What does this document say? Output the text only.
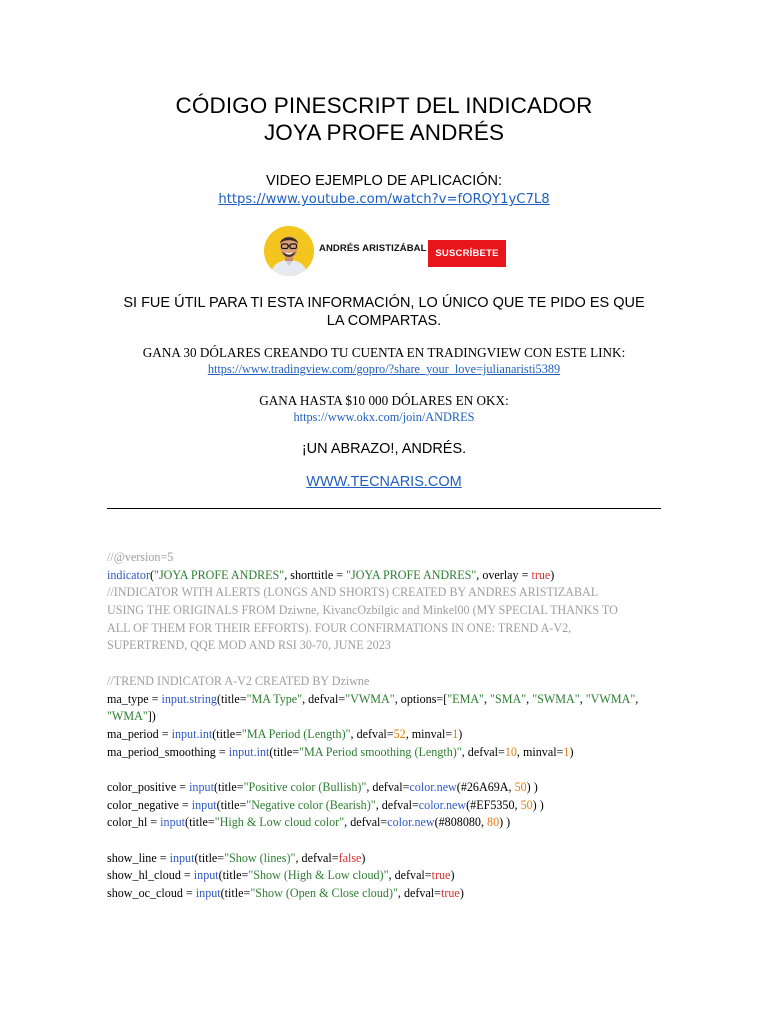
CÓDIGO PINESCRIPT DEL INDICADOR
JOYA PROFE ANDRÉS
VIDEO EJEMPLO DE APLICACIÓN:
https://www.youtube.com/watch?v=fORQY1yC7L8
ANDRÉS ARISTIZÁBAL SUSCRÍBETE
SI FUE ÚTIL PARA TI ESTA INFORMACIÓN, LO ÚNICO QUE TE PIDO ES QUE
LA COMPARTAS.
GANA 30 DÓLARES CREANDO TU CUENTA EN TRADINGVIEW CON ESTE LINK:
https://www.tradingview.com/gopro/?share_your_love=julianaristi5389
GANA HASTA $10 000 DÓLARES EN OKX:
https://www.okx.com/join/ANDRES
¡UN ABRAZO!, ANDRÉS.
WWW.TECNARIS.COM
//@version=5
indicator("JOYA PROFE ANDRES", shorttitle = "JOYA PROFE ANDRES", overlay = true)
//INDICATOR WITH ALERTS (LONGS AND SHORTS) CREATED BY ANDRES ARISTIZABAL
USING THE ORIGINALS FROM Dziwne, KivancOzbilgic and Minkel00 (MY SPECIAL THANKS TO
ALL OF THEM FOR THEIR EFFORTS). FOUR CONFIRMATIONS IN ONE: TREND A-V2,
SUPERTREND, QQE MOD AND RSI 30-70, JUNE 2023
//TREND INDICATOR A-V2 CREATED BY Dziwne
ma_type = input.string(title="MA Type", defval="VWMA", options=["EMA", "SMA", "SWMA", "VWMA",
"WMA"])
ma_period = input.int(title="MA Period (Length)", defval=52, minval=1)
ma_period_smoothing = input.int(title="MA Period smoothing (Length)", defval=10, minval=1)
color_positive = input(title="Positive color (Bullish)", defval=color.new(#26A69A, 50) )
color_negative = input(title="Negative color (Bearish)", defval=color.new(#EF5350, 50) )
color_hl = input(title="High & Low cloud color", defval=color.new(#808080, 80) )
show_line = input(title="Show (lines)", defval=false)
show_hl_cloud = input(title="Show (High & Low cloud)", defval=true)
show_oc_cloud = input(title="Show (Open & Close cloud)", defval=true)
